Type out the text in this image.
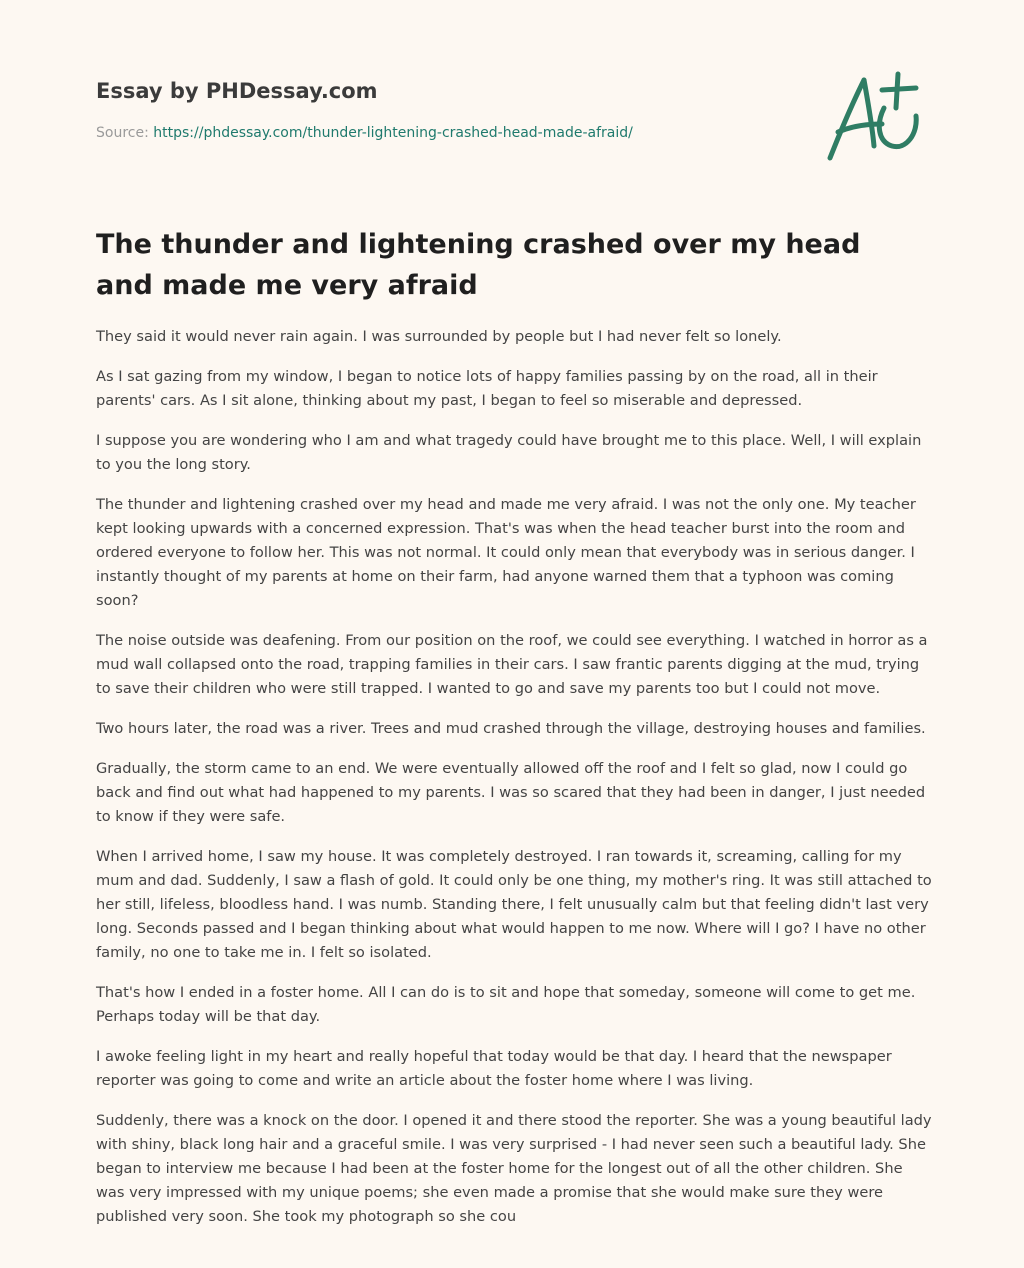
Essay by PHDessay.com
Source: https://phdessay.com/thunder-lightening-crashed-head-made-afraid/
The thunder and lightening crashed over my head and made me very afraid

They said it would never rain again. I was surrounded by people but I had never felt so lonely.

As I sat gazing from my window, I began to notice lots of happy families passing by on the road, all in their parents' cars. As I sit alone, thinking about my past, I began to feel so miserable and depressed.

I suppose you are wondering who I am and what tragedy could have brought me to this place. Well, I will explain to you the long story.

The thunder and lightening crashed over my head and made me very afraid. I was not the only one. My teacher kept looking upwards with a concerned expression. That's was when the head teacher burst into the room and ordered everyone to follow her. This was not normal. It could only mean that everybody was in serious danger. I instantly thought of my parents at home on their farm, had anyone warned them that a typhoon was coming soon?

The noise outside was deafening. From our position on the roof, we could see everything. I watched in horror as a mud wall collapsed onto the road, trapping families in their cars. I saw frantic parents digging at the mud, trying to save their children who were still trapped. I wanted to go and save my parents too but I could not move.

Two hours later, the road was a river. Trees and mud crashed through the village, destroying houses and families.

Gradually, the storm came to an end. We were eventually allowed off the roof and I felt so glad, now I could go back and find out what had happened to my parents. I was so scared that they had been in danger, I just needed to know if they were safe.

When I arrived home, I saw my house. It was completely destroyed. I ran towards it, screaming, calling for my mum and dad. Suddenly, I saw a flash of gold. It could only be one thing, my mother's ring. It was still attached to her still, lifeless, bloodless hand. I was numb. Standing there, I felt unusually calm but that feeling didn't last very long. Seconds passed and I began thinking about what would happen to me now. Where will I go? I have no other family, no one to take me in. I felt so isolated.

That's how I ended in a foster home. All I can do is to sit and hope that someday, someone will come to get me. Perhaps today will be that day.

I awoke feeling light in my heart and really hopeful that today would be that day. I heard that the newspaper reporter was going to come and write an article about the foster home where I was living.

Suddenly, there was a knock on the door. I opened it and there stood the reporter. She was a young beautiful lady with shiny, black long hair and a graceful smile. I was very surprised - I had never seen such a beautiful lady. She began to interview me because I had been at the foster home for the longest out of all the other children. She was very impressed with my unique poems; she even made a promise that she would make sure they were published very soon. She took my photograph so she cou
